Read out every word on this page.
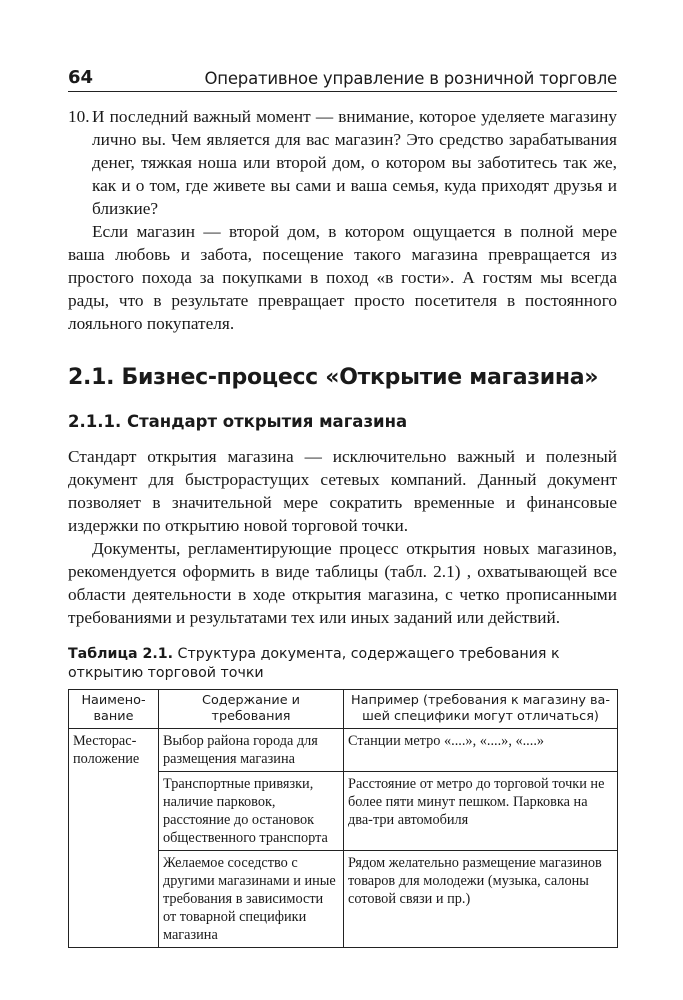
64	Оперативное управление в розничной торговле
10. И последний важный момент — внимание, которое уделяете магазину лично вы. Чем является для вас магазин? Это средство зарабатывания денег, тяжкая ноша или второй дом, о котором вы заботитесь так же, как и о том, где живете вы сами и ваша семья, куда приходят друзья и близкие?

Если магазин — второй дом, в котором ощущается в полной мере ваша любовь и забота, посещение такого магазина превращается из простого похода за покупками в поход «в гости». А гостям мы всегда рады, что в результате превращает просто посетителя в постоянного лояльного покупателя.

2.1. Бизнес-процесс «Открытие магазина»
2.1.1. Стандарт открытия магазина

Стандарт открытия магазина — исключительно важный и полезный документ для быстрорастущих сетевых компаний. Данный документ позволяет в значительной мере сократить временные и финансовые издержки по открытию новой торговой точки.

Документы, регламентирующие процесс открытия новых магазинов, рекомендуется оформить в виде таблицы (табл. 2.1) , охватывающей все области деятельности в ходе открытия магазина, с четко прописанными требованиями и результатами тех или иных заданий или действий.

Таблица 2.1. Структура документа, содержащего требования к открытию торговой точки
Наимено-вание	Содержание и требования	Например (требования к магазину ва-шей специфики могут отличаться)
Месторас-положение	Выбор района города для размещения магазина	Станции метро «....», «....», «....»
	Транспортные привязки, наличие парковок, расстояние до остановок общественного транспорта	Расстояние от метро до торговой точки не более пяти минут пешком. Парковка на два-три автомобиля
	Желаемое соседство с другими магазинами и иные требования в зависимости от товарной специфики магазина	Рядом желательно размещение магазинов товаров для молодежи (музыка, салоны сотовой связи и пр.)
